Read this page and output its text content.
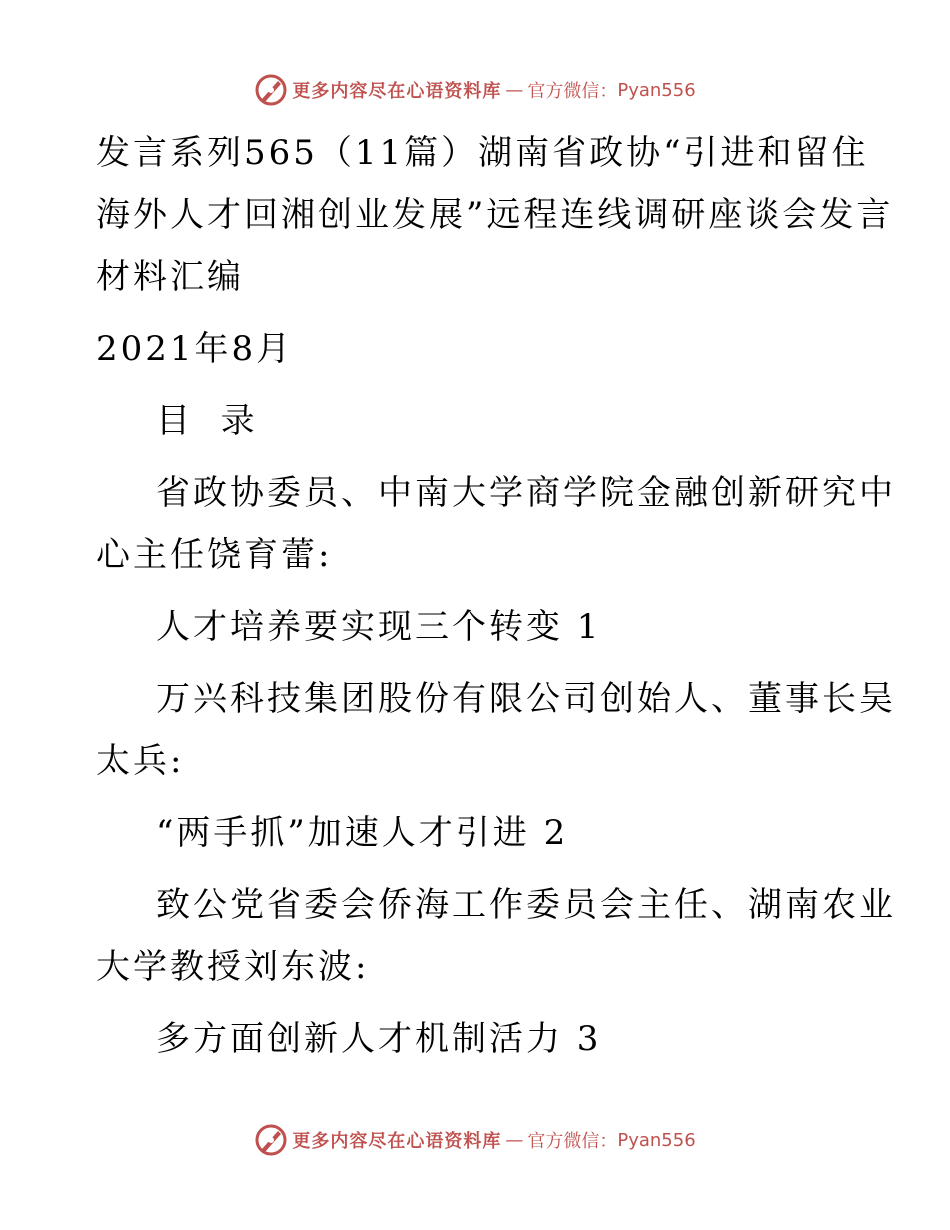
更多内容尽在心语资料库 — 官方微信： Pyan556
发言系列565（11篇）湖南省政协“引进和留住
海外人才回湘创业发展”远程连线调研座谈会发言
材料汇编
2021年8月
目  录
省政协委员、中南大学商学院金融创新研究中
心主任饶育蕾:
人才培养要实现三个转变 1
万兴科技集团股份有限公司创始人、董事长吴
太兵:
“两手抓”加速人才引进 2
致公党省委会侨海工作委员会主任、湖南农业
大学教授刘东波:
多方面创新人才机制活力 3
更多内容尽在心语资料库 — 官方微信： Pyan556
